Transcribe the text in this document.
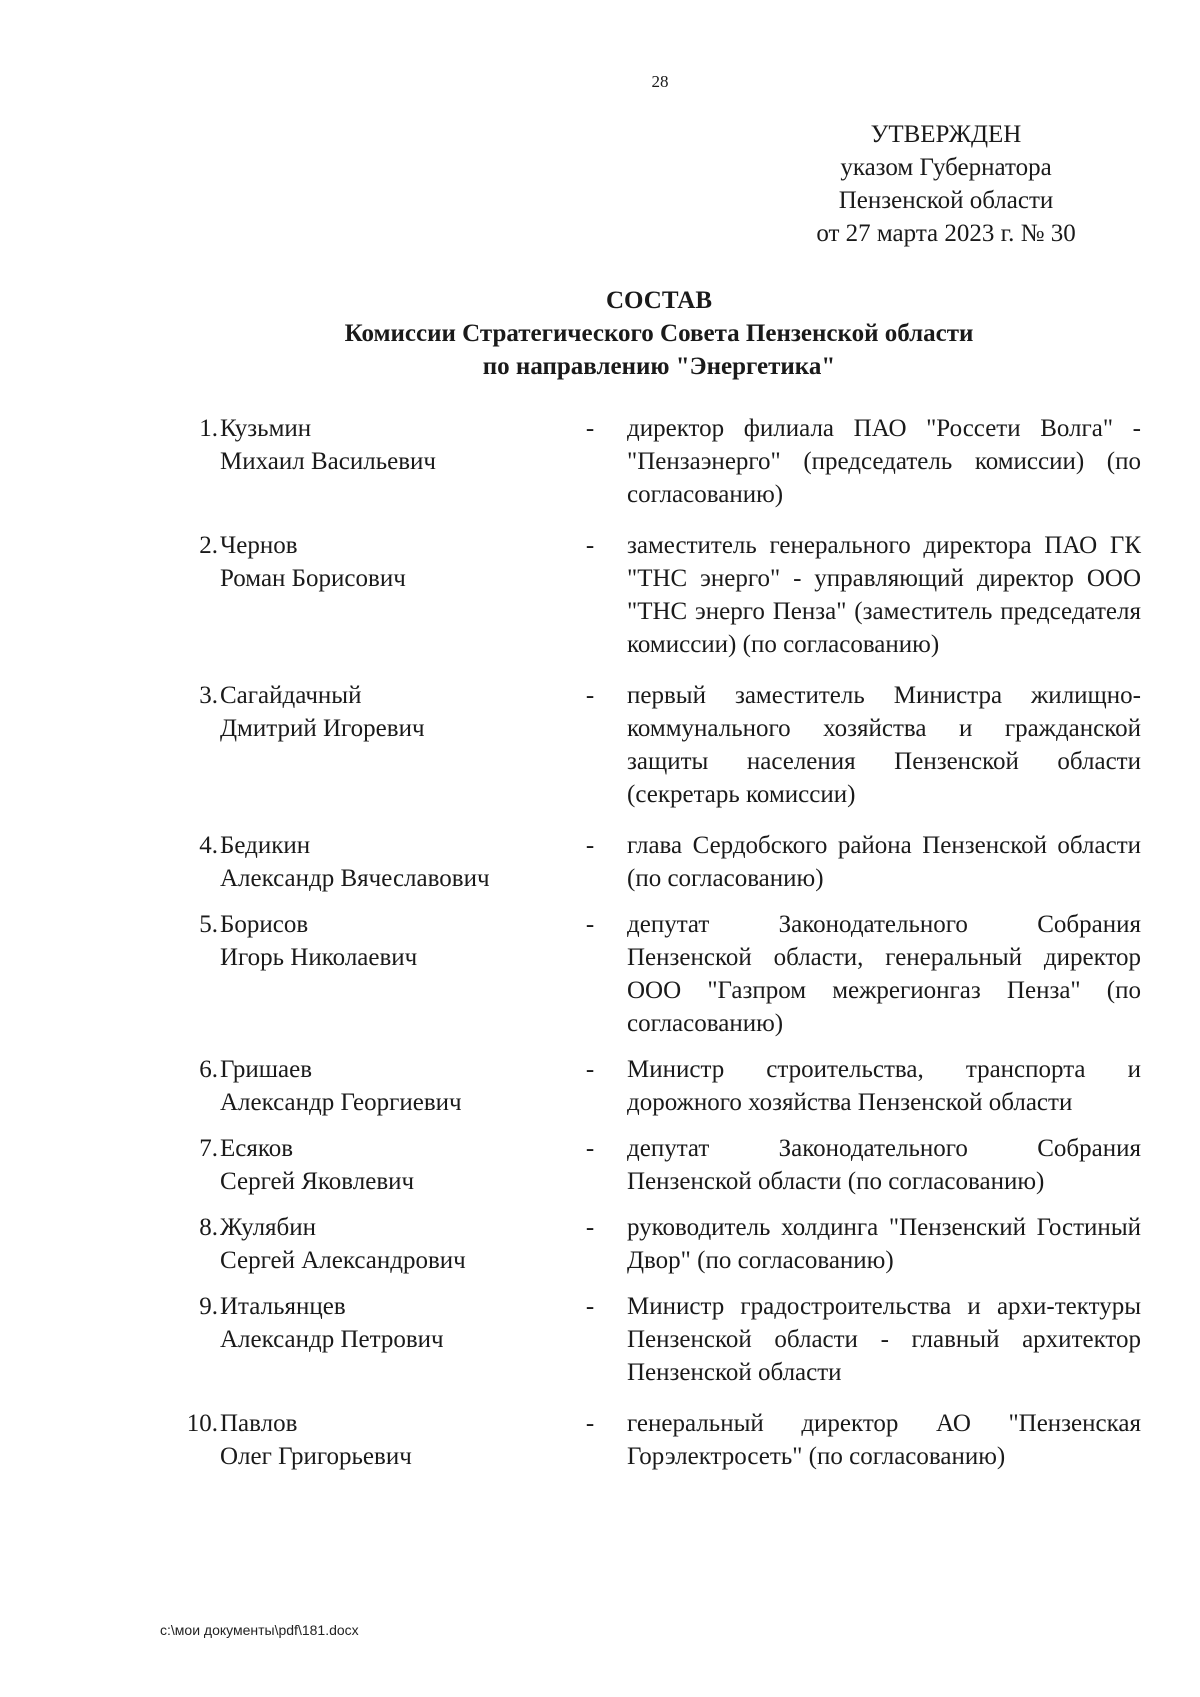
28
УТВЕРЖДЕН
указом Губернатора
Пензенской области
от 27 марта 2023 г. № 30
СОСТАВ
Комиссии Стратегического Совета Пензенской области
по направлению "Энергетика"
1. Кузьмин
Михаил Васильевич
- директор филиала ПАО "Россети Волга" - "Пензаэнерго" (председатель комиссии) (по согласованию)
2. Чернов
Роман Борисович
- заместитель генерального директора ПАО ГК "ТНС энерго" - управляющий директор ООО "ТНС энерго Пенза" (заместитель председателя комиссии) (по согласованию)
3. Сагайдачный
Дмитрий Игоревич
- первый заместитель Министра жилищно-коммунального хозяйства и гражданской защиты населения Пензенской области (секретарь комиссии)
4. Бедикин
Александр Вячеславович
- глава Сердобского района Пензенской области (по согласованию)
5. Борисов
Игорь Николаевич
- депутат Законодательного Собрания Пензенской области, генеральный директор ООО "Газпром межрегионгаз Пенза" (по согласованию)
6. Гришаев
Александр Георгиевич
- Министр строительства, транспорта и дорожного хозяйства Пензенской области
7. Есяков
Сергей Яковлевич
- депутат Законодательного Собрания Пензенской области (по согласованию)
8. Жулябин
Сергей Александрович
- руководитель холдинга "Пензенский Гостиный Двор" (по согласованию)
9. Итальянцев
Александр Петрович
- Министр градостроительства и архи-тектуры Пензенской области - главный архитектор Пензенской области
10. Павлов
Олег Григорьевич
- генеральный директор АО "Пензенская Горэлектросеть" (по согласованию)
c:\мои документы\pdf\181.docx
